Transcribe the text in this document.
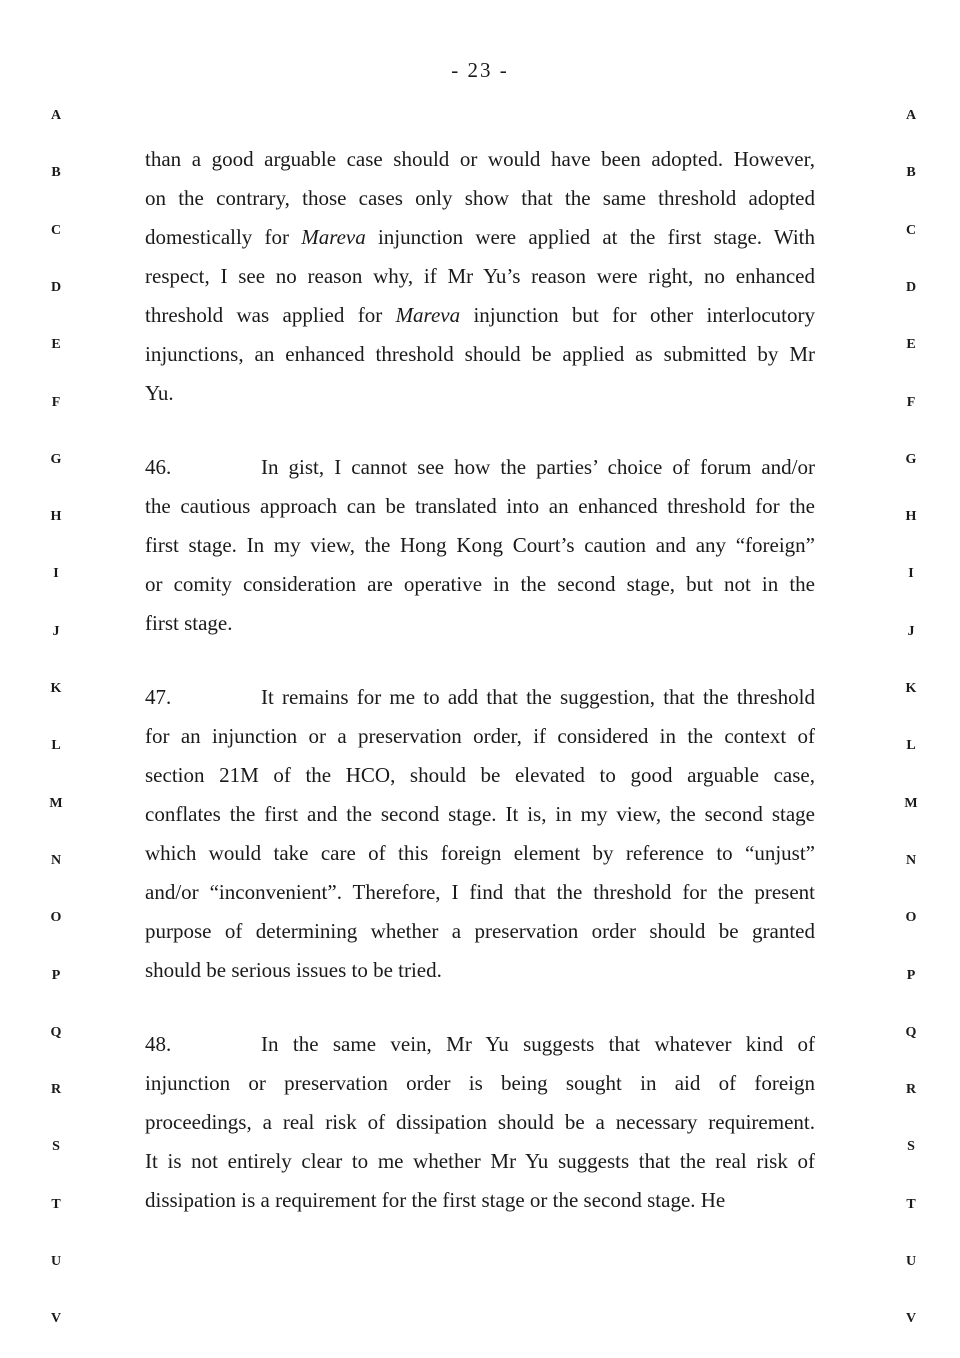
- 23 -
A	A
B	B
C	C
D	D
E	E
F	F
G	G
H	H
I	I
J	J
K	K
L	L
M	M
N	N
O	O
P	P
Q	Q
R	R
S	S
T	T
U	U
V	V
than a good arguable case should or would have been adopted. However,
on the contrary, those cases only show that the same threshold adopted
domestically for Mareva injunction were applied at the first stage. With
respect, I see no reason why, if Mr Yu’s reason were right, no enhanced
threshold was applied for Mareva injunction but for other interlocutory
injunctions, an enhanced threshold should be applied as submitted by Mr
Yu.
46.	In gist, I cannot see how the parties’ choice of forum and/or
the cautious approach can be translated into an enhanced threshold for the
first stage. In my view, the Hong Kong Court’s caution and any “foreign”
or comity consideration are operative in the second stage, but not in the
first stage.
47.	It remains for me to add that the suggestion, that the threshold
for an injunction or a preservation order, if considered in the context of
section 21M of the HCO, should be elevated to good arguable case,
conflates the first and the second stage. It is, in my view, the second stage
which would take care of this foreign element by reference to “unjust”
and/or “inconvenient”. Therefore, I find that the threshold for the present
purpose of determining whether a preservation order should be granted
should be serious issues to be tried.
48.	In the same vein, Mr Yu suggests that whatever kind of
injunction or preservation order is being sought in aid of foreign
proceedings, a real risk of dissipation should be a necessary requirement.
It is not entirely clear to me whether Mr Yu suggests that the real risk of
dissipation is a requirement for the first stage or the second stage. He
